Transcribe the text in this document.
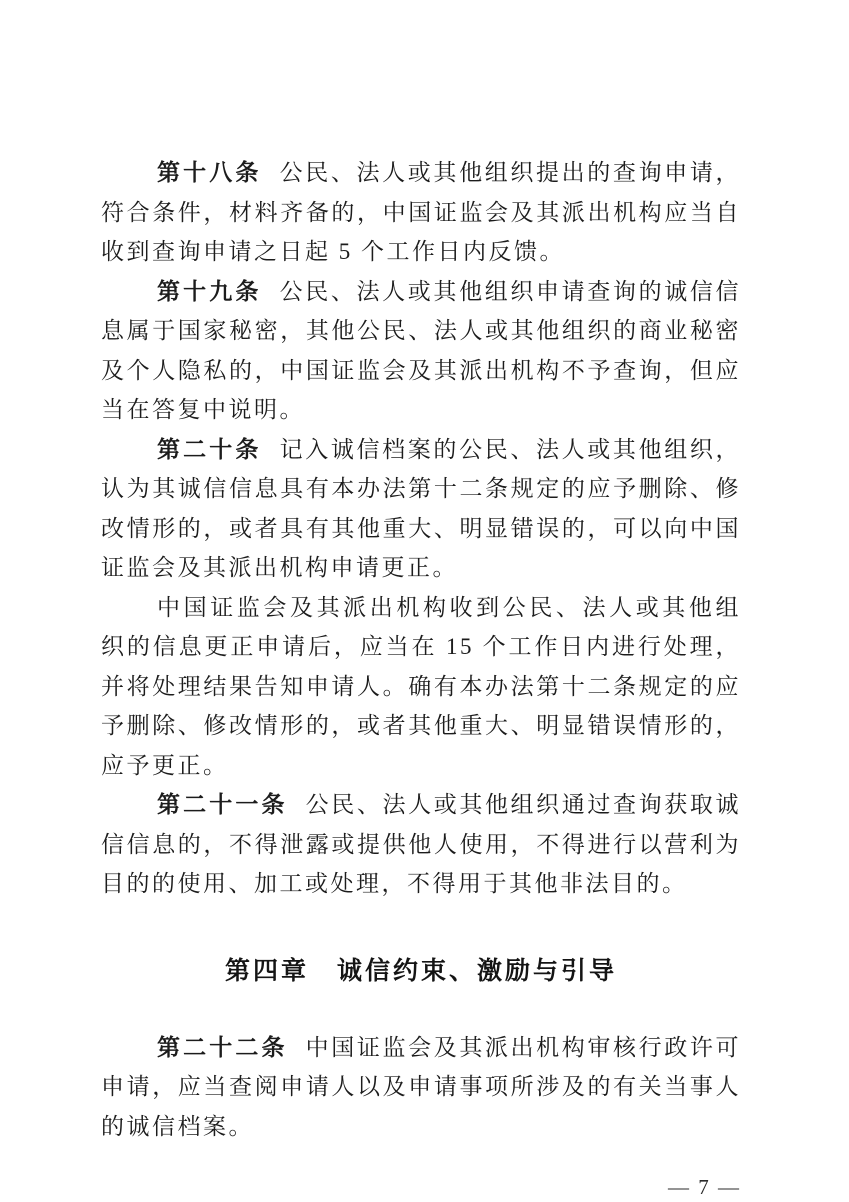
第十八条 公民、法人或其他组织提出的查询申请，符合条件，材料齐备的，中国证监会及其派出机构应当自收到查询申请之日起 5 个工作日内反馈。

第十九条 公民、法人或其他组织申请查询的诚信信息属于国家秘密，其他公民、法人或其他组织的商业秘密及个人隐私的，中国证监会及其派出机构不予查询，但应当在答复中说明。

第二十条 记入诚信档案的公民、法人或其他组织，认为其诚信信息具有本办法第十二条规定的应予删除、修改情形的，或者具有其他重大、明显错误的，可以向中国证监会及其派出机构申请更正。

中国证监会及其派出机构收到公民、法人或其他组织的信息更正申请后，应当在 15 个工作日内进行处理，并将处理结果告知申请人。确有本办法第十二条规定的应予删除、修改情形的，或者其他重大、明显错误情形的，应予更正。

第二十一条 公民、法人或其他组织通过查询获取诚信信息的，不得泄露或提供他人使用，不得进行以营利为目的的使用、加工或处理，不得用于其他非法目的。

第四章　诚信约束、激励与引导

第二十二条 中国证监会及其派出机构审核行政许可申请，应当查阅申请人以及申请事项所涉及的有关当事人的诚信档案。

— 7 —
